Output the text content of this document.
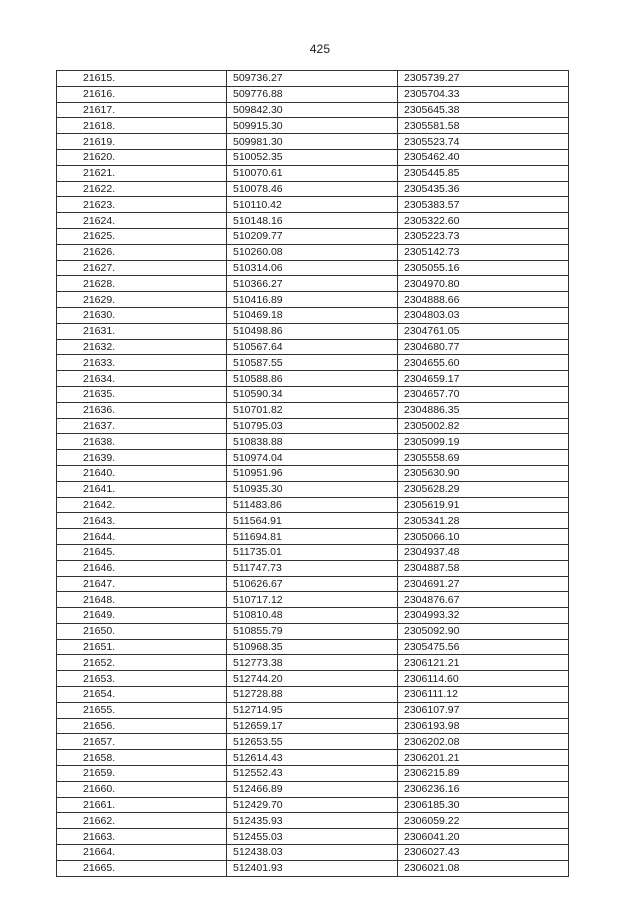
425
21615.	509736.27	2305739.27
21616.	509776.88	2305704.33
21617.	509842.30	2305645.38
21618.	509915.30	2305581.58
21619.	509981.30	2305523.74
21620.	510052.35	2305462.40
21621.	510070.61	2305445.85
21622.	510078.46	2305435.36
21623.	510110.42	2305383.57
21624.	510148.16	2305322.60
21625.	510209.77	2305223.73
21626.	510260.08	2305142.73
21627.	510314.06	2305055.16
21628.	510366.27	2304970.80
21629.	510416.89	2304888.66
21630.	510469.18	2304803.03
21631.	510498.86	2304761.05
21632.	510567.64	2304680.77
21633.	510587.55	2304655.60
21634.	510588.86	2304659.17
21635.	510590.34	2304657.70
21636.	510701.82	2304886.35
21637.	510795.03	2305002.82
21638.	510838.88	2305099.19
21639.	510974.04	2305558.69
21640.	510951.96	2305630.90
21641.	510935.30	2305628.29
21642.	511483.86	2305619.91
21643.	511564.91	2305341.28
21644.	511694.81	2305066.10
21645.	511735.01	2304937.48
21646.	511747.73	2304887.58
21647.	510626.67	2304691.27
21648.	510717.12	2304876.67
21649.	510810.48	2304993.32
21650.	510855.79	2305092.90
21651.	510968.35	2305475.56
21652.	512773.38	2306121.21
21653.	512744.20	2306114.60
21654.	512728.88	2306111.12
21655.	512714.95	2306107.97
21656.	512659.17	2306193.98
21657.	512653.55	2306202.08
21658.	512614.43	2306201.21
21659.	512552.43	2306215.89
21660.	512466.89	2306236.16
21661.	512429.70	2306185.30
21662.	512435.93	2306059.22
21663.	512455.03	2306041.20
21664.	512438.03	2306027.43
21665.	512401.93	2306021.08
